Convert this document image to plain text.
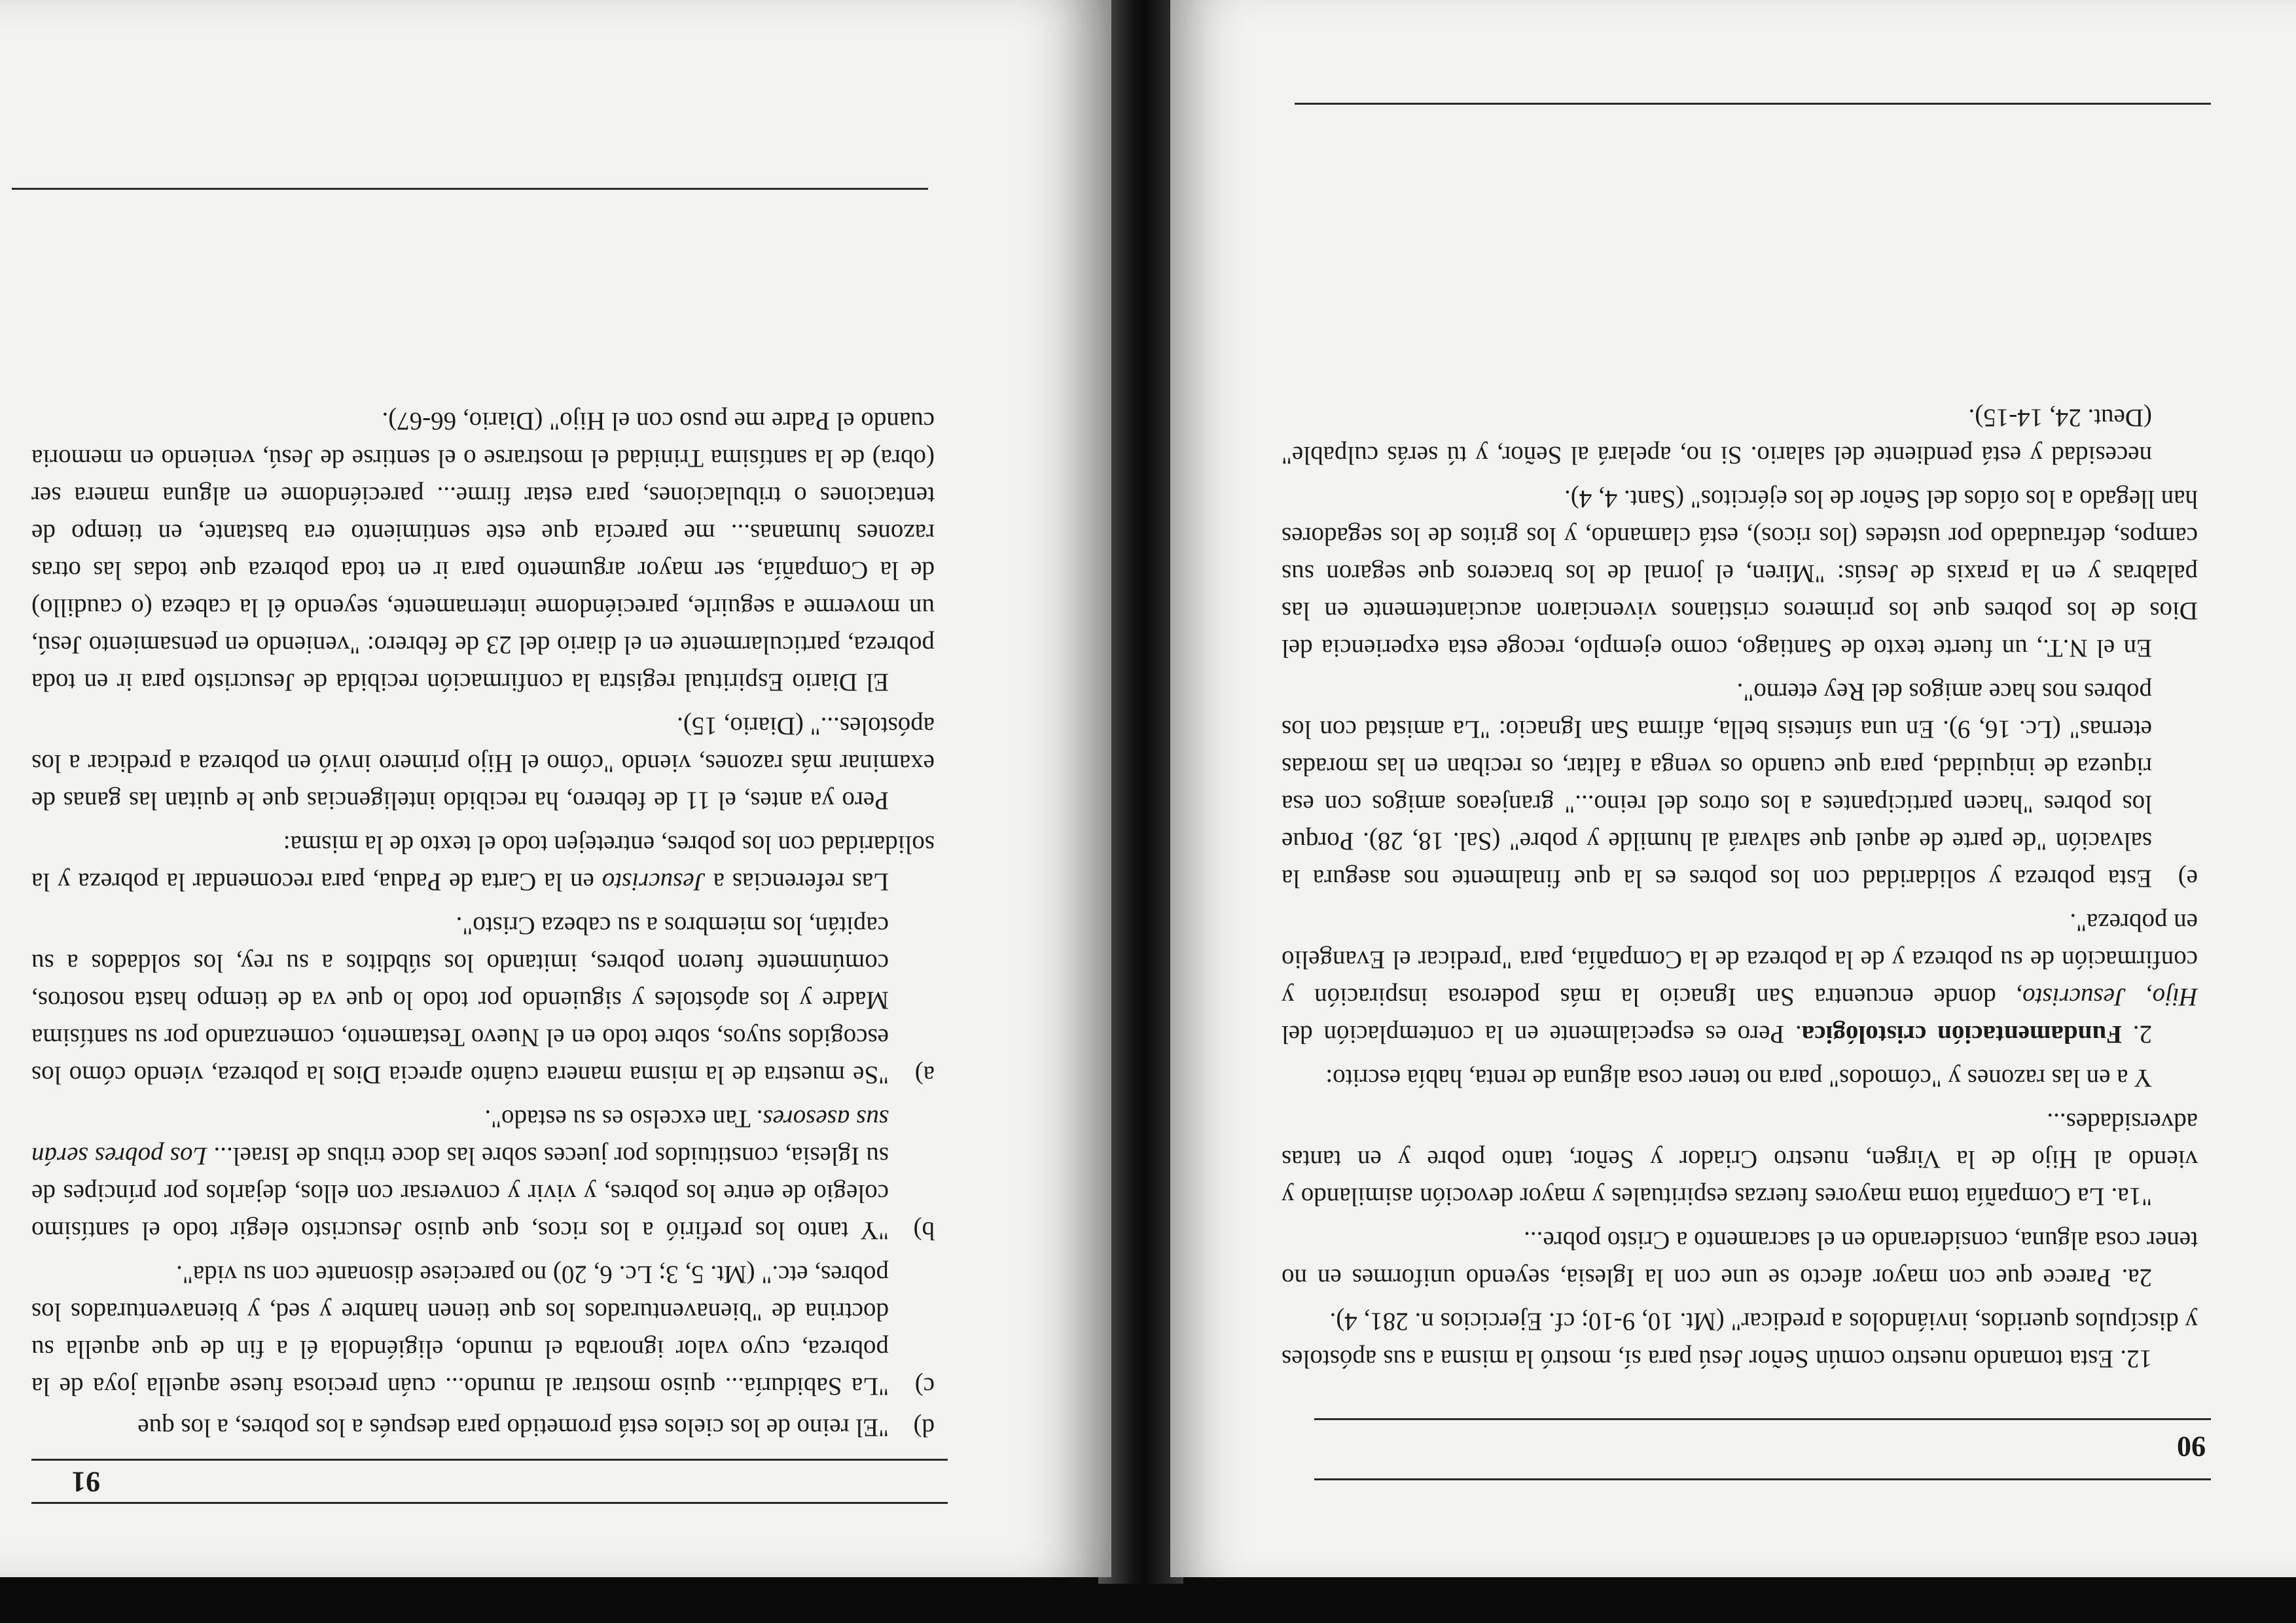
90

12. Esta tomando nuestro común Señor Jesú para sí, mostró la misma a sus apóstoles y discípulos queridos, inviándolos a predicar" (Mt. 10, 9-10; cf. Ejercicios n. 281, 4).

2a. Parece que con mayor afecto se une con la Iglesia, seyendo uniformes en no tener cosa alguna, considerando en el sacramento a Cristo pobre...

"1a. La Compañía toma mayores fuerzas espirituales y mayor devoción asimilando y viendo al Hijo de la Virgen, nuestro Criador y Señor, tanto pobre y en tantas adversidades...

Y a en las razones y "cómodos" para no tener cosa alguna de renta, había escrito:

2. Fundamentación cristológica. Pero es especialmente en la contemplación del Hijo, Jesucristo, donde encuentra San Ignacio la más poderosa inspiración y confirmación de su pobreza y de la pobreza de la Compañía, para "predicar el Evangelio en pobreza".

e)
Esta pobreza y solidaridad con los pobres es la que finalmente nos asegura la salvación "de parte de aquel que salvará al humilde y pobre" (Sal. 18, 28). Porque los pobres "hacen participantes a los otros del reino..." granjeaos amigos con esa riqueza de iniquidad, para que cuando os venga a faltar, os reciban en las moradas eternas" (Lc. 16, 9). En una síntesis bella, afirma San Ignacio: "La amistad con los pobres nos hace amigos del Rey eterno".

En el N.T., un fuerte texto de Santiago, como ejemplo, recoge esta experiencia del Dios de los pobres que los primeros cristianos vivenciaron acuciantemente en las palabras y en la praxis de Jesús: "Miren, el jornal de los braceros que segaron sus campos, defraudado por ustedes (los ricos), está clamando, y los gritos de los segadores han llegado a los oídos del Señor de los ejércitos" (Sant. 4, 4).

necesidad y está pendiente del salario. Si no, apelará al Señor, y tú serás culpable" (Deut. 24, 14-15).

91
d)
"El reino de los cielos está prometido para después a los pobres, a los que
c)
"La Sabiduría... quiso mostrar al mundo... cuán preciosa fuese aquella joya de la pobreza, cuyo valor ignoraba el mundo, eligiéndola él a fin de que aquella su doctrina de "bienaventurados los que tienen hambre y sed, y bienaventurados los pobres, etc." (Mt. 5, 3; Lc. 6, 20) no pareciese disonante con su vida".
b)
"Y tanto los prefirió a los ricos, que quiso Jesucristo elegir todo el santísimo colegio de entre los pobres, y vivir y conversar con ellos, dejarlos por príncipes de su Iglesia, constituidos por jueces sobre las doce tribus de Israel... Los pobres serán sus asesores. Tan excelso es su estado".
a)
"Se muestra de la misma manera cuánto aprecia Dios la pobreza, viendo cómo los escogidos suyos, sobre todo en el Nuevo Testamento, comenzando por su santísima Madre y los apóstoles y siguiendo por todo lo que va de tiempo hasta nosotros, comúnmente fueron pobres, imitando los súbditos a su rey, los soldados a su capitán, los miembros a su cabeza Cristo".

Las referencias a Jesucristo en la Carta de Padua, para recomendar la pobreza y la solidaridad con los pobres, entretejen todo el texto de la misma:

Pero ya antes, el 11 de febrero, ha recibido inteligencias que le quitan las ganas de examinar más razones, viendo "cómo el Hijo primero invió en pobreza a predicar a los apóstoles..." (Diario, 15).

El Diario Espiritual registra la confirmación recibida de Jesucristo para ir en toda pobreza, particularmente en el diario del 23 de febrero: "veniendo en pensamiento Jesú, un moverme a seguirle, pareciéndome internamente, seyendo él la cabeza (o caudillo) de la Compañía, ser mayor argumento para ir en toda pobreza que todas las otras razones humanas... me parecía que este sentimiento era bastante, en tiempo de tentaciones o tribulaciones, para estar firme... pareciéndome en alguna manera ser (obra) de la santísima Trinidad el mostrarse o el sentirse de Jesú, veniendo en memoria cuando el Padre me puso con el Hijo" (Diario, 66-67).
